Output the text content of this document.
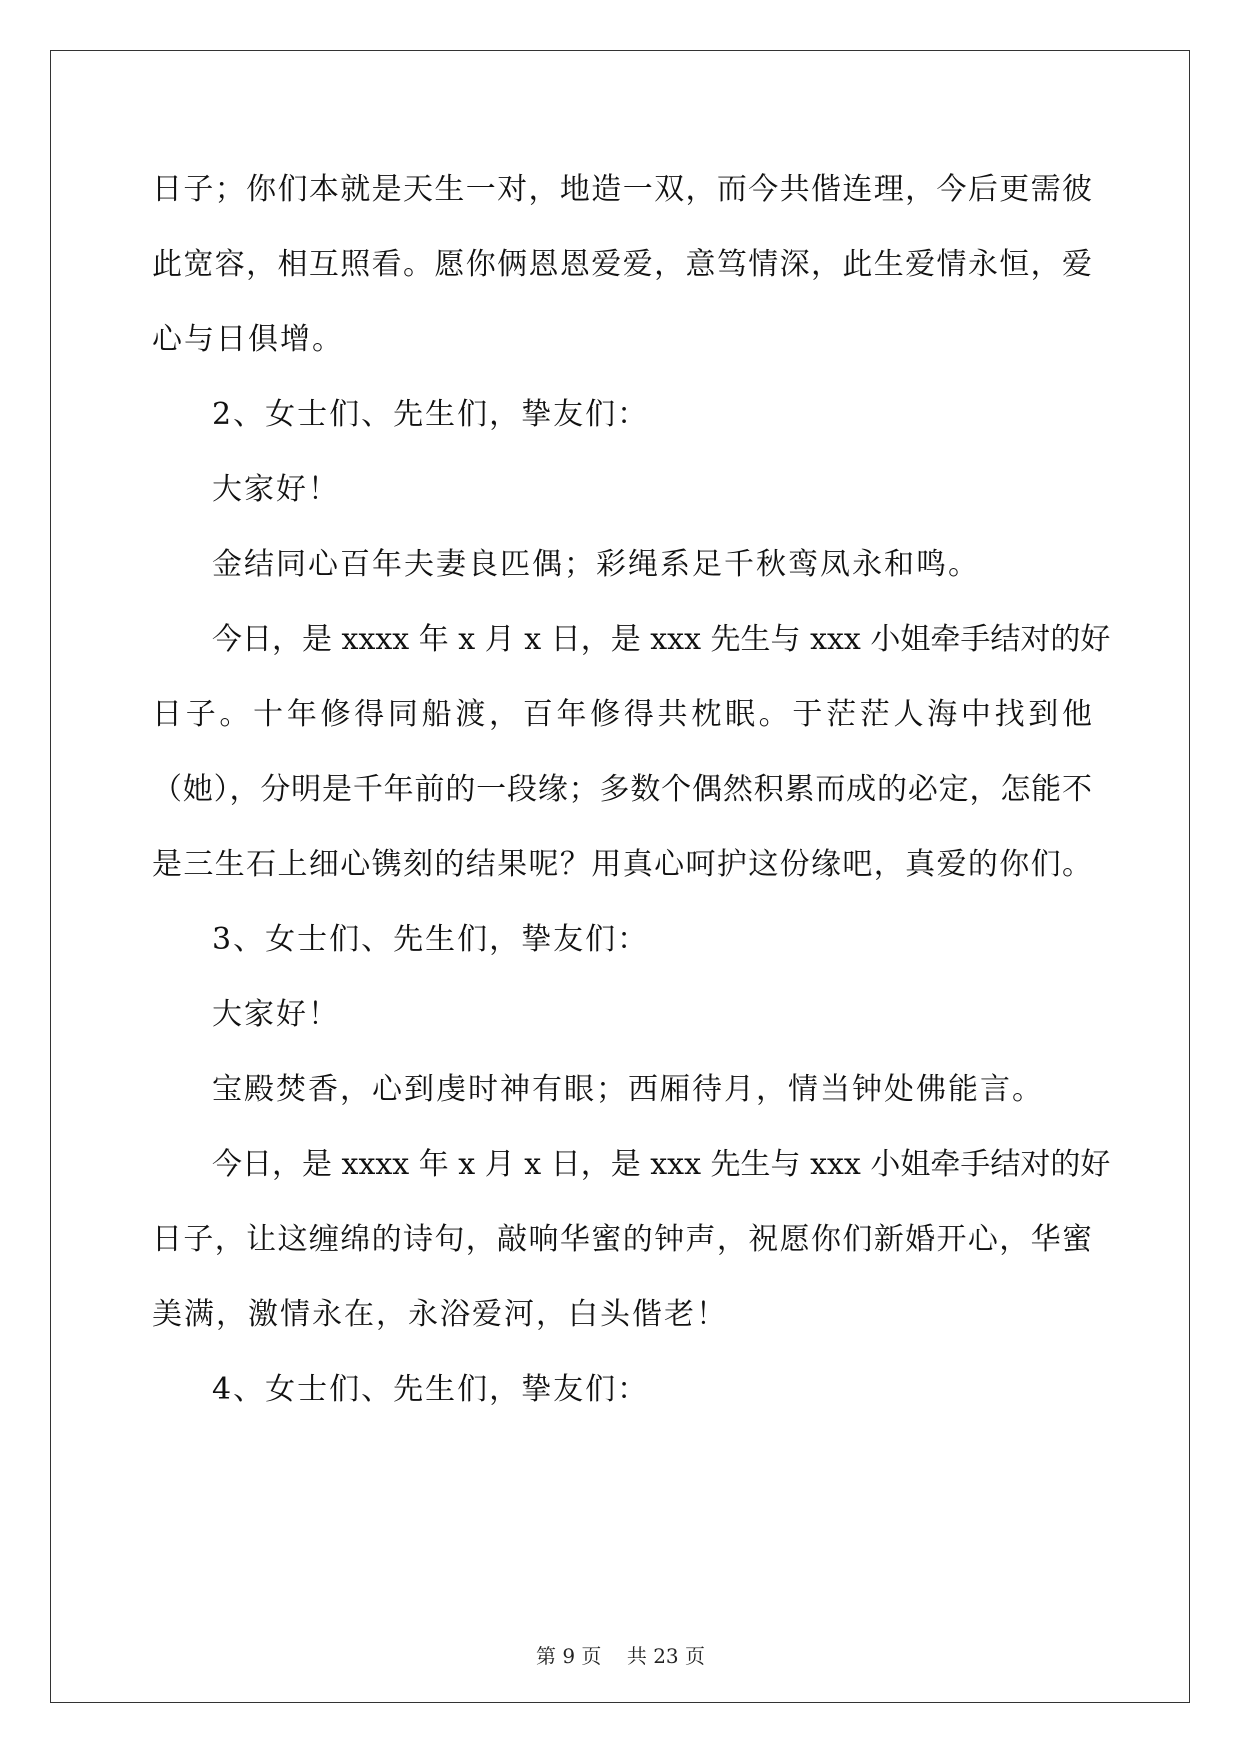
日子；你们本就是天生一对，地造一双，而今共偕连理，今后更需彼
此宽容，相互照看。愿你俩恩恩爱爱，意笃情深，此生爱情永恒，爱
心与日俱增。
2、女士们、先生们，挚友们：
大家好！
金结同心百年夫妻良匹偶；彩绳系足千秋鸾凤永和鸣。
今日，是 xxxx 年 x 月 x 日，是 xxx 先生与 xxx 小姐牵手结对的好
日子。十年修得同船渡，百年修得共枕眠。于茫茫人海中找到他
（她），分明是千年前的一段缘；多数个偶然积累而成的必定，怎能不
是三生石上细心镌刻的结果呢？用真心呵护这份缘吧，真爱的你们。
3、女士们、先生们，挚友们：
大家好！
宝殿焚香，心到虔时神有眼；西厢待月，情当钟处佛能言。
今日，是 xxxx 年 x 月 x 日，是 xxx 先生与 xxx 小姐牵手结对的好
日子，让这缠绵的诗句，敲响华蜜的钟声，祝愿你们新婚开心，华蜜
美满，激情永在，永浴爱河，白头偕老！
4、女士们、先生们，挚友们：
第 9 页    共 23 页
